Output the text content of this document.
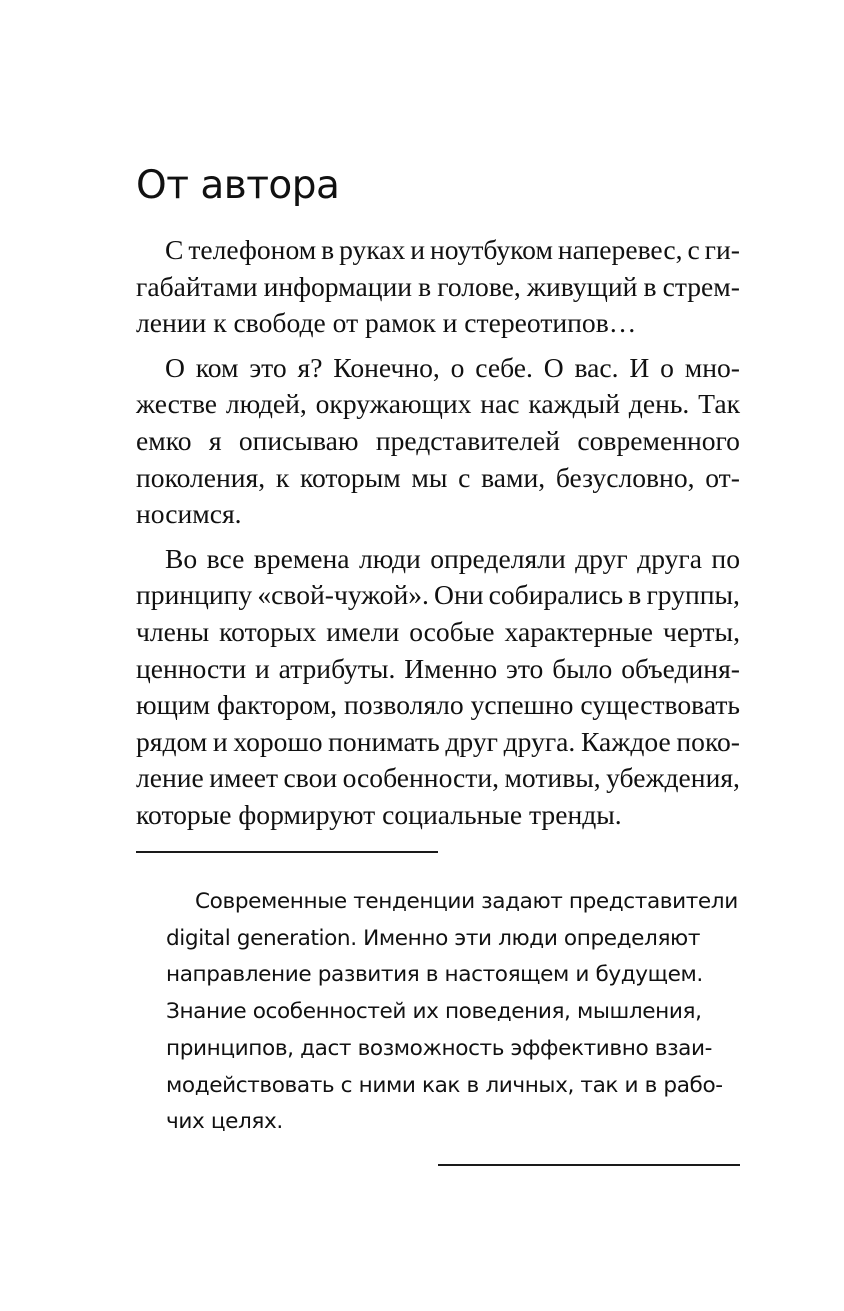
От автора
С телефоном в руках и ноутбуком наперевес, с ги-
габайтами информации в голове, живущий в стрем-
лении к свободе от рамок и стереотипов…
О ком это я? Конечно, о себе. О вас. И о мно-
жестве людей, окружающих нас каждый день. Так
емко я описываю представителей современного
поколения, к которым мы с вами, безусловно, от-
носимся.
Во все времена люди определяли друг друга по
принципу «свой-чужой». Они собирались в группы,
члены которых имели особые характерные черты,
ценности и атрибуты. Именно это было объединя-
ющим фактором, позволяло успешно существовать
рядом и хорошо понимать друг друга. Каждое поко-
ление имеет свои особенности, мотивы, убеждения,
которые формируют социальные тренды.
Современные тенденции задают представители
digital generation. Именно эти люди определяют
направление развития в настоящем и будущем.
Знание особенностей их поведения, мышления,
принципов, даст возможность эффективно взаи-
модействовать с ними как в личных, так и в рабо-
чих целях.
